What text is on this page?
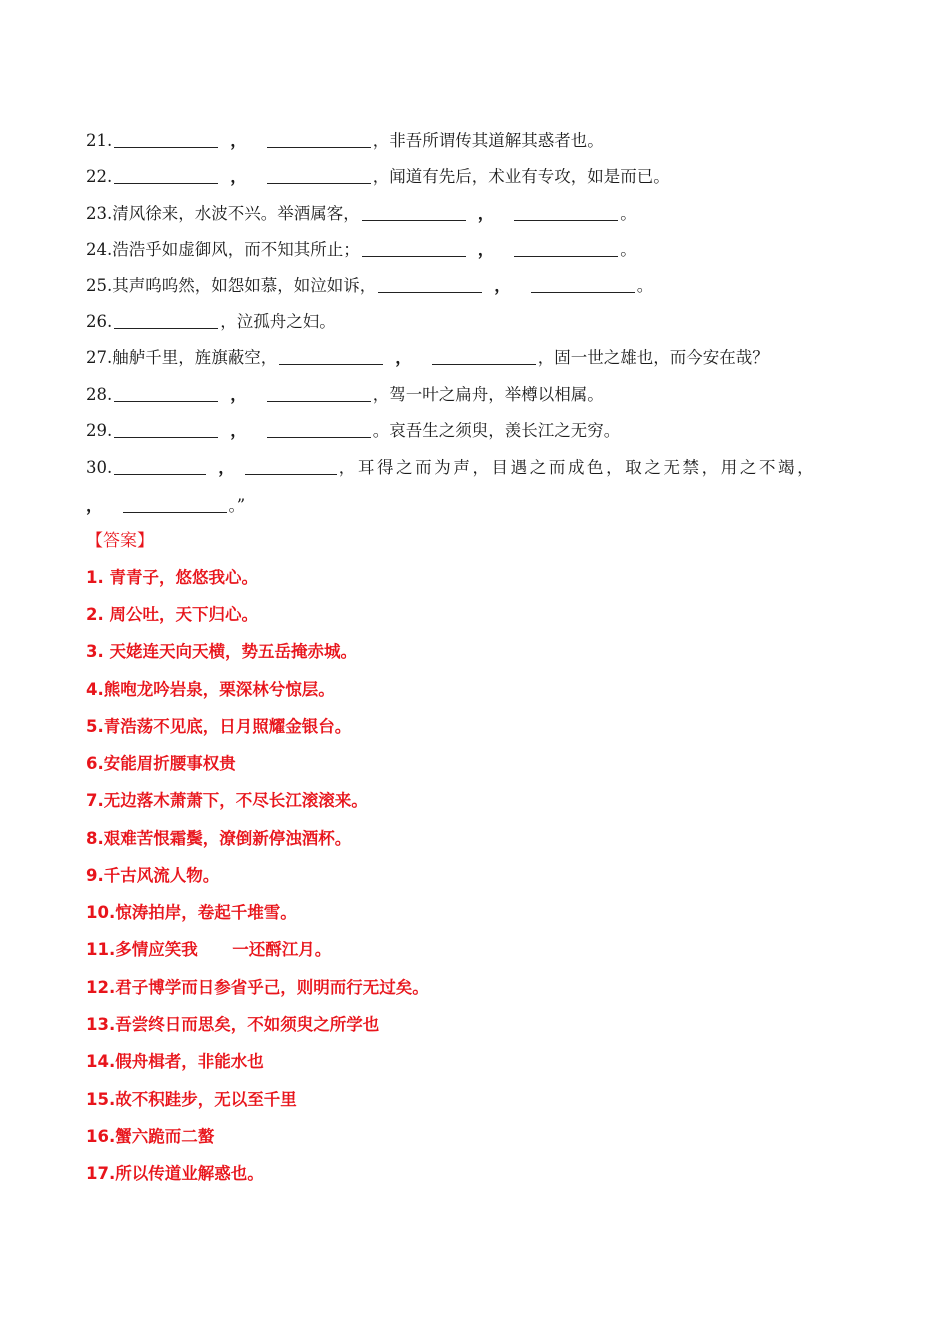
21.	，	，非吾所谓传其道解其惑者也。
22.	，	，闻道有先后，术业有专攻，如是而已。
23.清风徐来，水波不兴。举酒属客，	，	。
24.浩浩乎如虚御风，而不知其所止；	，	。
25.其声呜呜然，如怨如慕，如泣如诉，	，	。
26.	，泣孤舟之妇。
27.舳舻千里，旌旗蔽空，	，	，固一世之雄也，而今安在哉？
28.	，	，驾一叶之扁舟，举樽以相属。
29.	，	。哀吾生之须臾，羡长江之无穷。
30.	，	，耳得之而为声，目遇之而成色，取之无禁，用之不竭，
，	。”
【答案】
1. 青青子，悠悠我心。
2. 周公吐，天下归心。
3. 天姥连天向天横，势五岳掩赤城。
4.熊咆龙吟岩泉，栗深林兮惊层。
5.青浩荡不见底，日月照耀金银台。
6.安能眉折腰事权贵
7.无边落木萧萧下，不尽长江滚滚来。
8.艰难苦恨霜鬓，潦倒新停浊酒杯。
9.千古风流人物。
10.惊涛拍岸，卷起千堆雪。
11.多情应笑我      一还酹江月。
12.君子博学而日参省乎己，则明而行无过矣。
13.吾尝终日而思矣，不如须臾之所学也
14.假舟楫者，非能水也
15.故不积跬步，无以至千里
16.蟹六跪而二螯
17.所以传道业解惑也。
